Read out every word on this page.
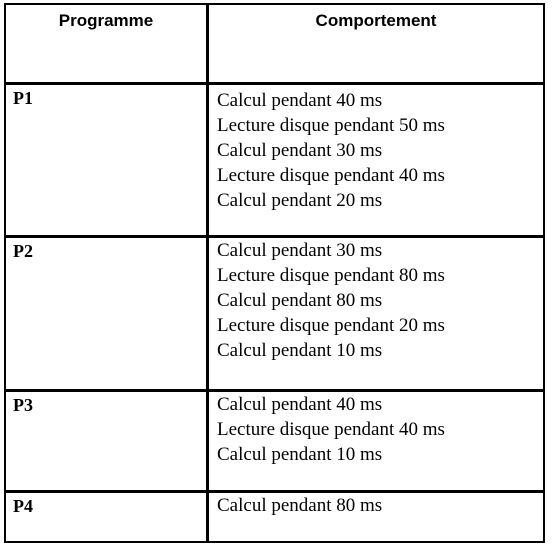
Programme	Comportement
P1	Calcul pendant 40 ms
Lecture disque pendant 50 ms
Calcul pendant 30 ms
Lecture disque pendant 40 ms
Calcul pendant 20 ms
P2	Calcul pendant 30 ms
Lecture disque pendant 80 ms
Calcul pendant 80 ms
Lecture disque pendant 20 ms
Calcul pendant 10 ms
P3	Calcul pendant 40 ms
Lecture disque pendant 40 ms
Calcul pendant 10 ms
P4	Calcul pendant 80 ms
